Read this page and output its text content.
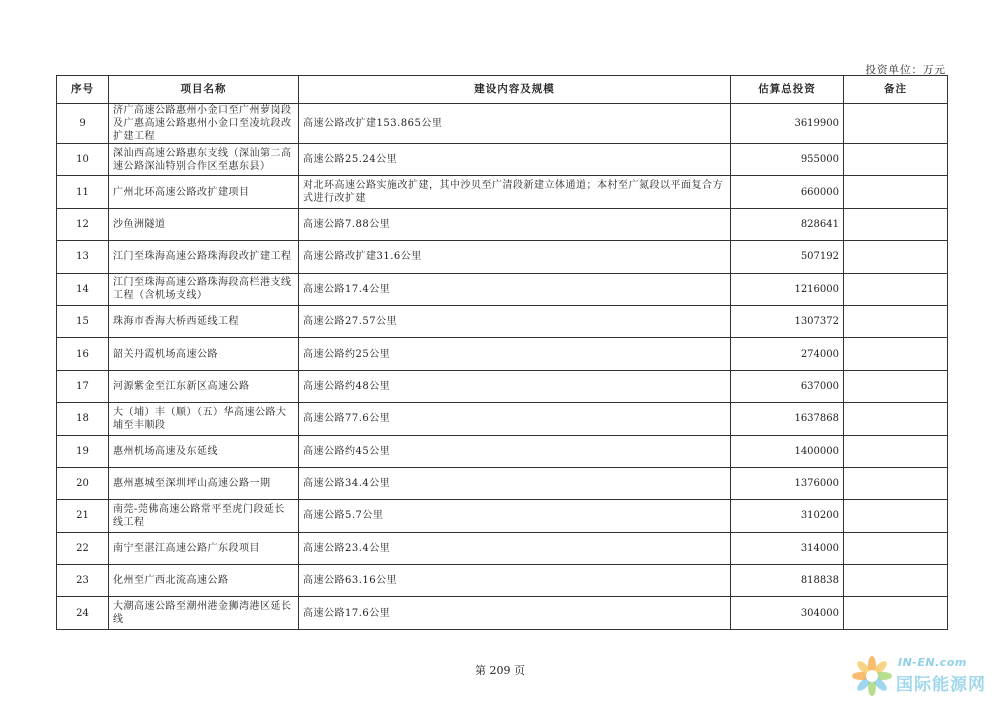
投资单位：万元
序号	项目名称	建设内容及规模	估算总投资	备注
9	济广高速公路惠州小金口至广州萝岗段及广惠高速公路惠州小金口至凌坑段改扩建工程	高速公路改扩建153.865公里	3619900	
10	深汕西高速公路惠东支线（深汕第二高速公路深汕特别合作区至惠东县）	高速公路25.24公里	955000	
11	广州北环高速公路改扩建项目	对北环高速公路实施改扩建，其中沙贝至广清段新建立体通道；本村至广氮段以平面复合方式进行改扩建	660000	
12	沙鱼洲隧道	高速公路7.88公里	828641	
13	江门至珠海高速公路珠海段改扩建工程	高速公路改扩建31.6公里	507192	
14	江门至珠海高速公路珠海段高栏港支线工程（含机场支线）	高速公路17.4公里	1216000	
15	珠海市香海大桥西延线工程	高速公路27.57公里	1307372	
16	韶关丹霞机场高速公路	高速公路约25公里	274000	
17	河源紫金至江东新区高速公路	高速公路约48公里	637000	
18	大（埔）丰（顺）（五）华高速公路大埔至丰顺段	高速公路77.6公里	1637868	
19	惠州机场高速及东延线	高速公路约45公里	1400000	
20	惠州惠城至深圳坪山高速公路一期	高速公路34.4公里	1376000	
21	南莞-莞佛高速公路常平至虎门段延长线工程	高速公路5.7公里	310200	
22	南宁至湛江高速公路广东段项目	高速公路23.4公里	314000	
23	化州至广西北流高速公路	高速公路63.16公里	818838	
24	大潮高速公路至潮州港金狮湾港区延长线	高速公路17.6公里	304000	
第 209 页
IN-EN.com
国际能源网
